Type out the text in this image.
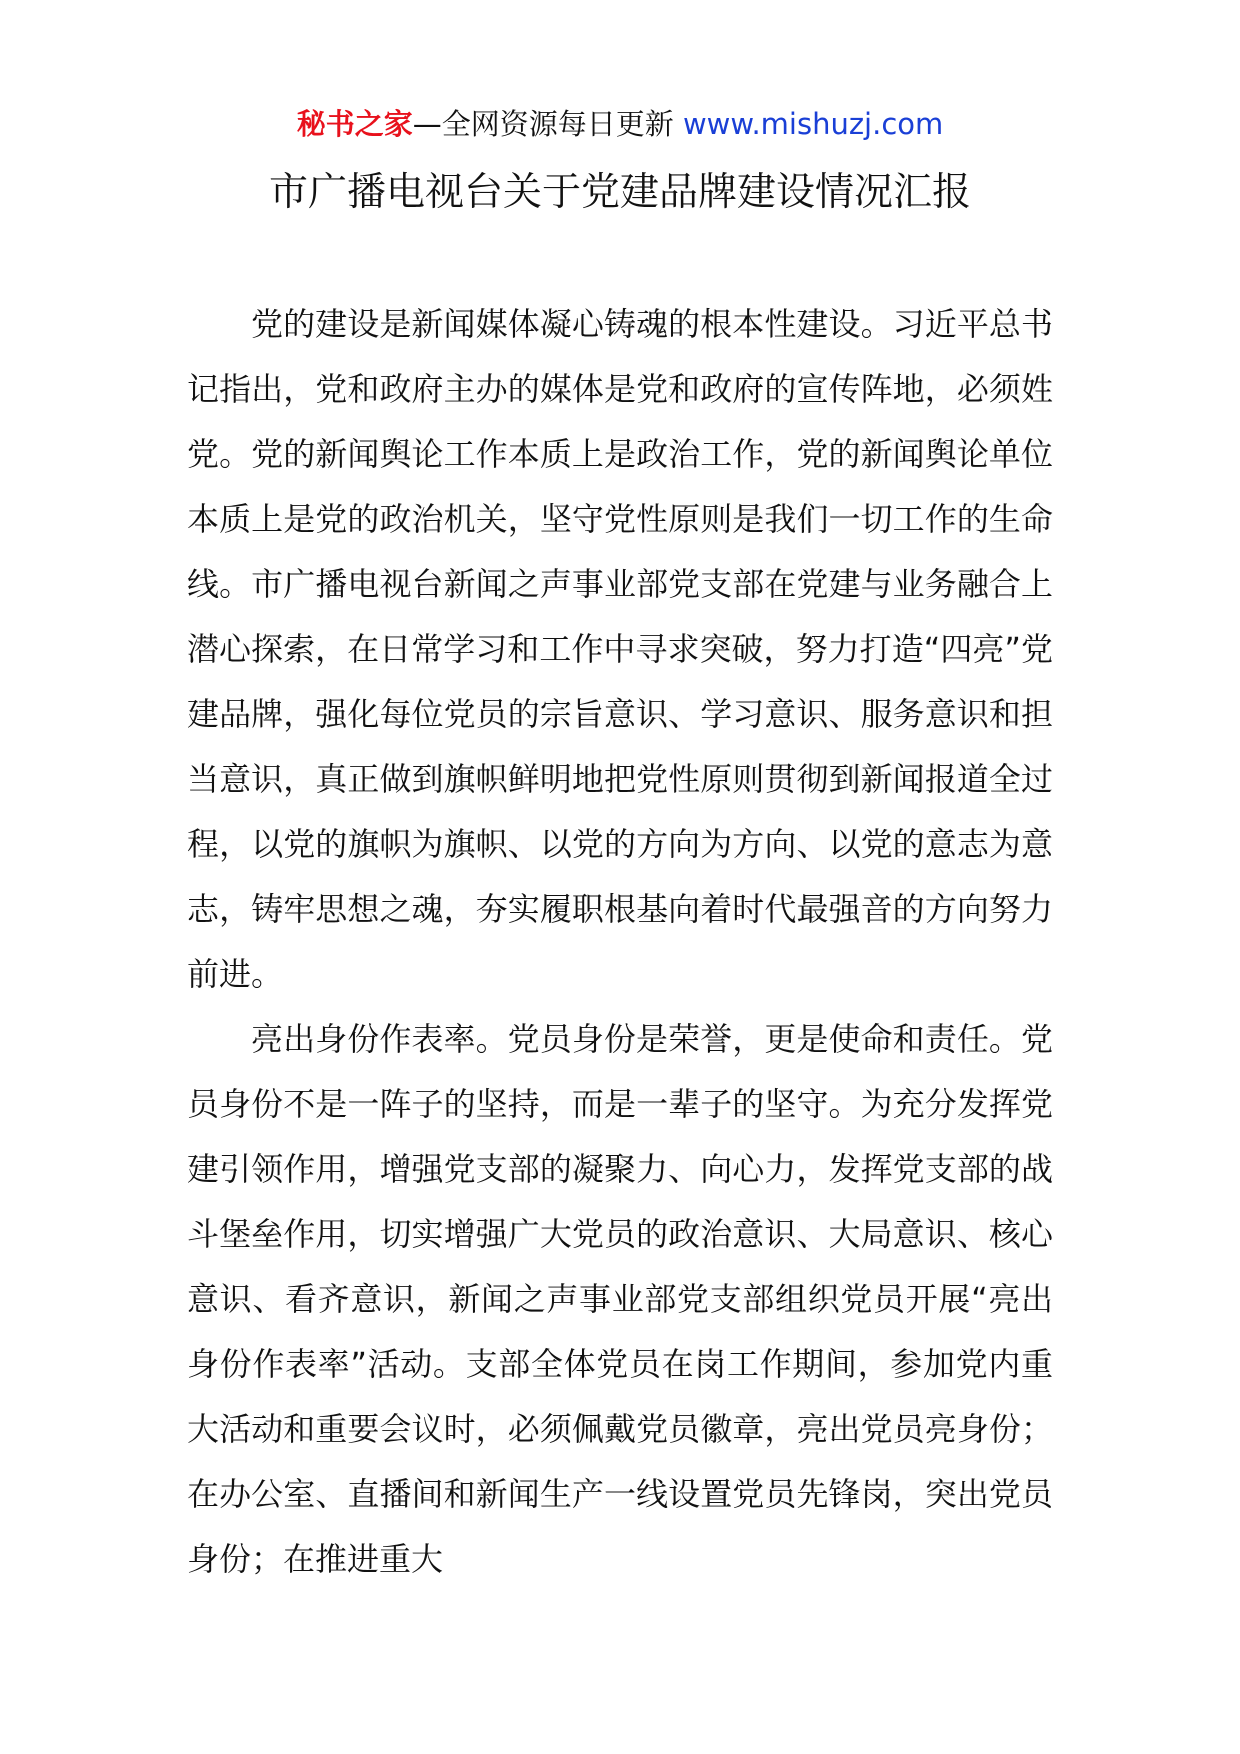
秘书之家—全网资源每日更新 www.mishuzj.com
市广播电视台关于党建品牌建设情况汇报

党的建设是新闻媒体凝心铸魂的根本性建设。习近平总书记指出，党和政府主办的媒体是党和政府的宣传阵地，必须姓党。党的新闻舆论工作本质上是政治工作，党的新闻舆论单位本质上是党的政治机关，坚守党性原则是我们一切工作的生命线。市广播电视台新闻之声事业部党支部在党建与业务融合上潜心探索，在日常学习和工作中寻求突破，努力打造“四亮”党建品牌，强化每位党员的宗旨意识、学习意识、服务意识和担当意识，真正做到旗帜鲜明地把党性原则贯彻到新闻报道全过程，以党的旗帜为旗帜、以党的方向为方向、以党的意志为意志，铸牢思想之魂，夯实履职根基向着时代最强音的方向努力前进。

亮出身份作表率。党员身份是荣誉，更是使命和责任。党员身份不是一阵子的坚持，而是一辈子的坚守。为充分发挥党建引领作用，增强党支部的凝聚力、向心力，发挥党支部的战斗堡垒作用，切实增强广大党员的政治意识、大局意识、核心意识、看齐意识，新闻之声事业部党支部组织党员开展“亮出身份作表率”活动。支部全体党员在岗工作期间，参加党内重大活动和重要会议时，必须佩戴党员徽章，亮出党员亮身份；在办公室、直播间和新闻生产一线设置党员先锋岗，突出党员身份；在推进重大
